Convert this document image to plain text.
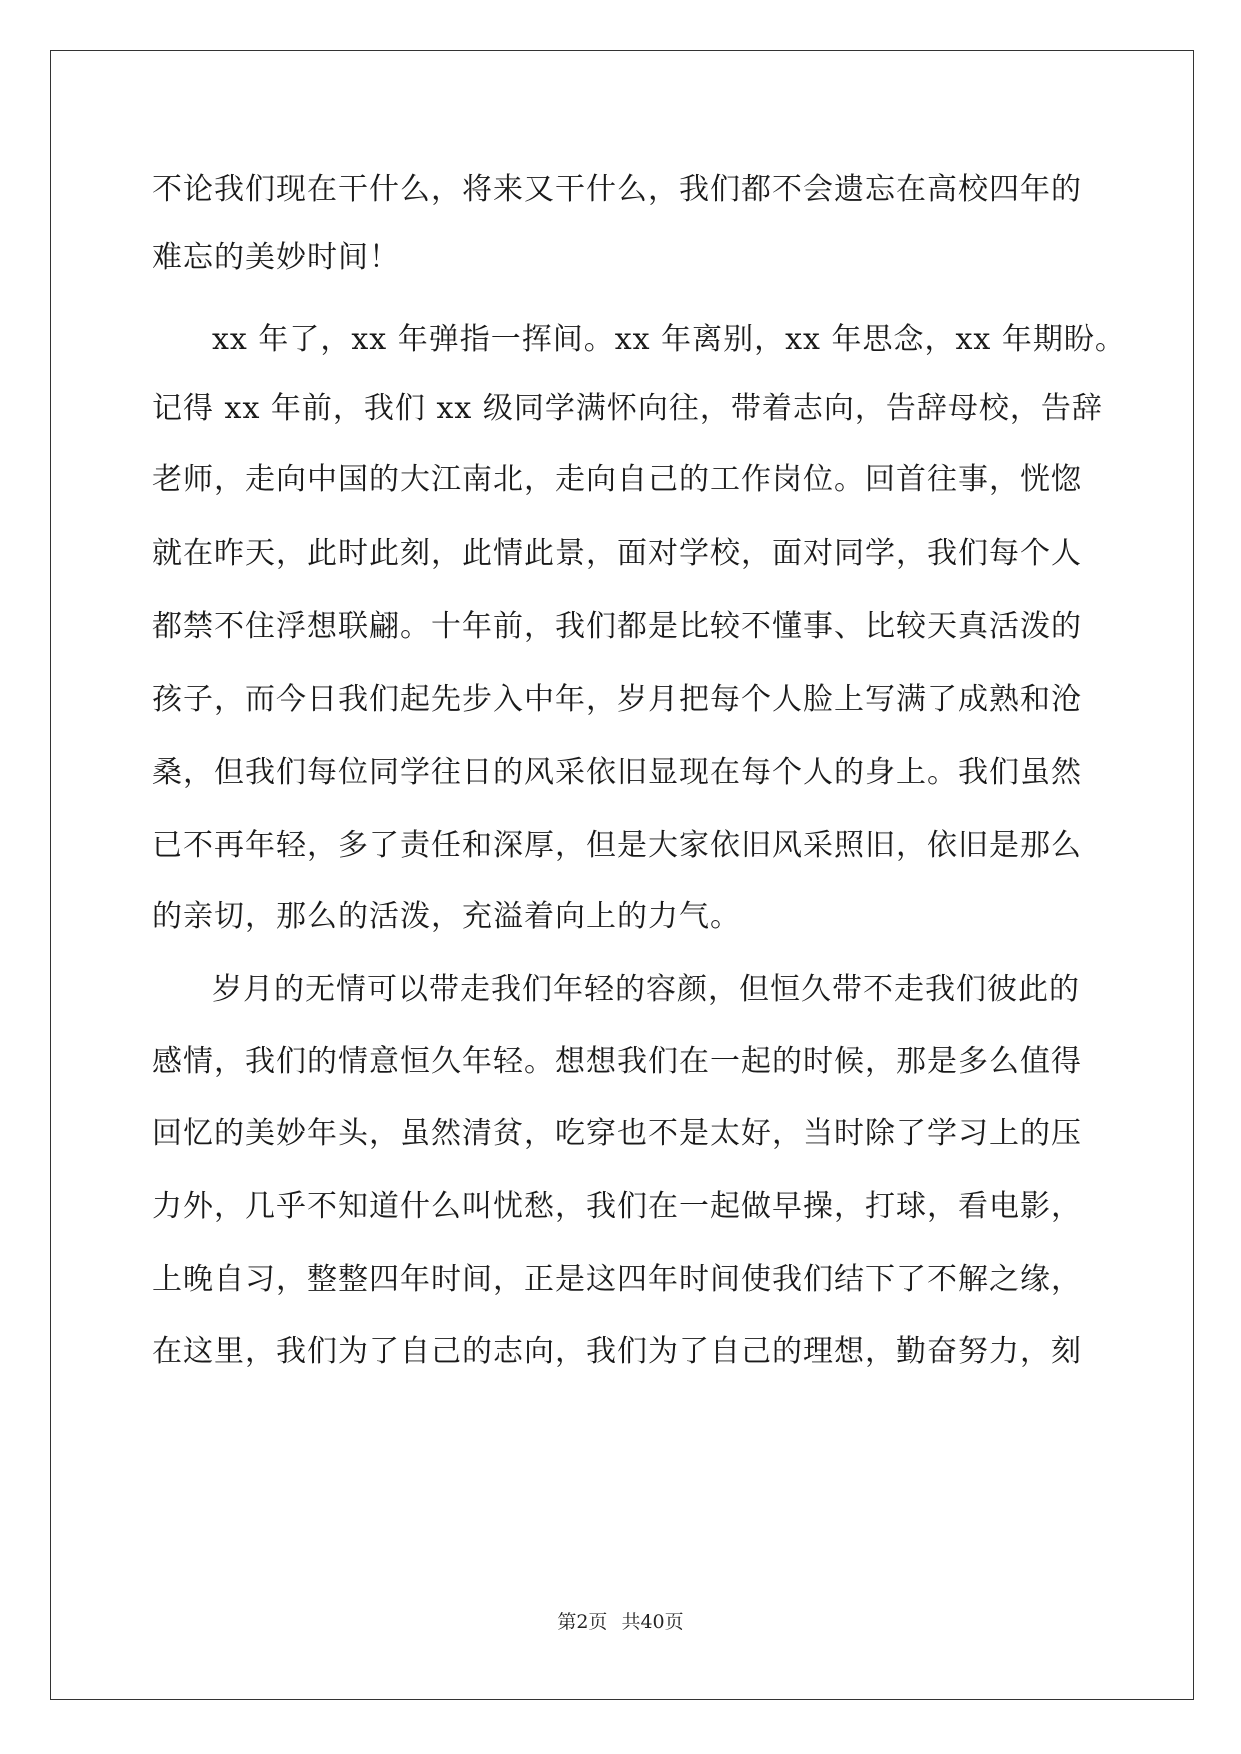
不论我们现在干什么，将来又干什么，我们都不会遗忘在高校四年的
难忘的美妙时间！
xx 年了，xx 年弹指一挥间。xx 年离别，xx 年思念，xx 年期盼。
记得 xx 年前，我们 xx 级同学满怀向往，带着志向，告辞母校，告辞
老师，走向中国的大江南北，走向自己的工作岗位。回首往事，恍惚
就在昨天，此时此刻，此情此景，面对学校，面对同学，我们每个人
都禁不住浮想联翩。十年前，我们都是比较不懂事、比较天真活泼的
孩子，而今日我们起先步入中年，岁月把每个人脸上写满了成熟和沧
桑，但我们每位同学往日的风采依旧显现在每个人的身上。我们虽然
已不再年轻，多了责任和深厚，但是大家依旧风采照旧，依旧是那么
的亲切，那么的活泼，充溢着向上的力气。
岁月的无情可以带走我们年轻的容颜，但恒久带不走我们彼此的
感情，我们的情意恒久年轻。想想我们在一起的时候，那是多么值得
回忆的美妙年头，虽然清贫，吃穿也不是太好，当时除了学习上的压
力外，几乎不知道什么叫忧愁，我们在一起做早操，打球，看电影，
上晚自习，整整四年时间，正是这四年时间使我们结下了不解之缘，
在这里，我们为了自己的志向，我们为了自己的理想，勤奋努力，刻
第2页 共40页
